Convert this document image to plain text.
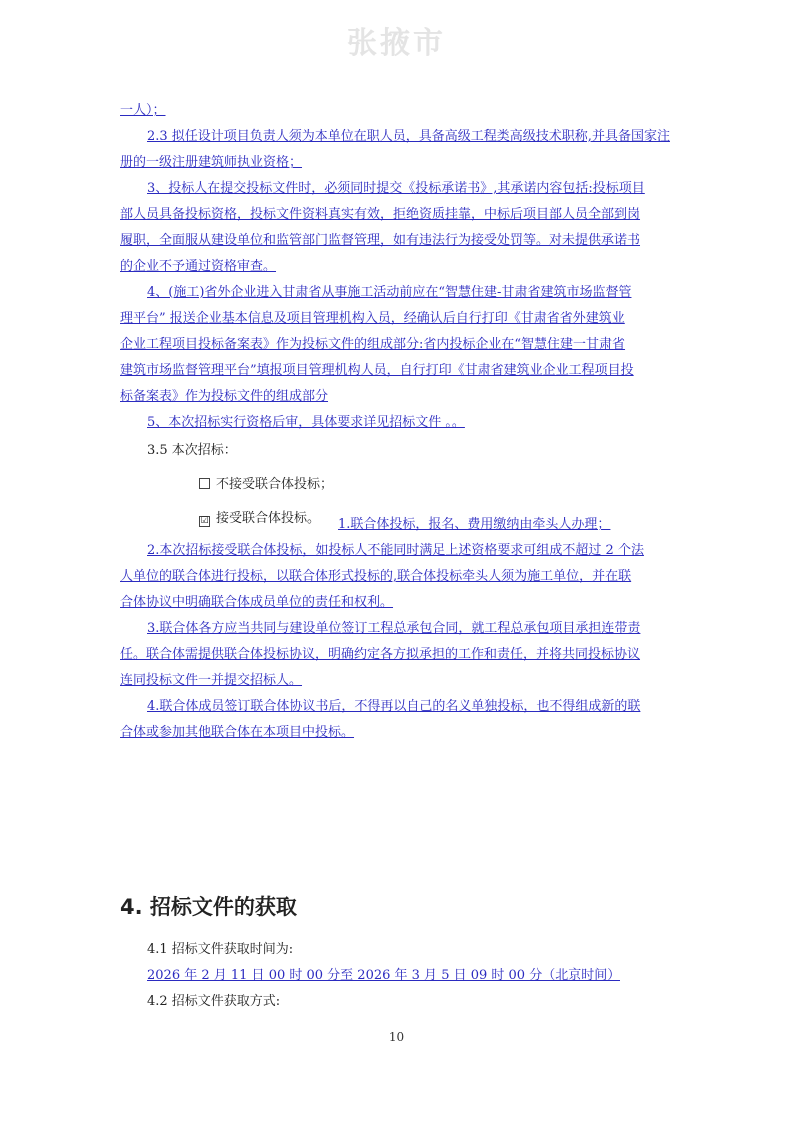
张掖市
一人）；
2.3 拟任设计项目负责人须为本单位在职人员，具备高级工程类高级技术职称,并具备国家注
册的一级注册建筑师执业资格；
3、投标人在提交投标文件时，必须同时提交《投标承诺书》,其承诺内容包括:投标项目
部人员具备投标资格，投标文件资料真实有效，拒绝资质挂靠，中标后项目部人员全部到岗
履职，全面服从建设单位和监管部门监督管理，如有违法行为接受处罚等。对未提供承诺书
的企业不予通过资格审查。
4、(施工)省外企业进入甘肃省从事施工活动前应在“智慧住建-甘肃省建筑市场监督管
理平台” 报送企业基本信息及项目管理机构入员，经确认后自行打印《甘肃省省外建筑业
企业工程项目投标备案表》作为投标文件的组成部分:省内投标企业在“智慧住建一甘肃省
建筑市场监督管理平台”填报项目管理机构人员，自行打印《甘肃省建筑业企业工程项目投
标备案表》作为投标文件的组成部分
5、本次招标实行资格后审，具体要求详见招标文件 。。
3.5 本次招标：
不接受联合体投标；
☑ 接受联合体投标。 1.联合体投标，报名、费用缴纳由牵头人办理；
2.本次招标接受联合体投标，如投标人不能同时满足上述资格要求可组成不超过 2 个法
人单位的联合体进行投标，以联合体形式投标的,联合体投标牵头人须为施工单位，并在联
合体协议中明确联合体成员单位的责任和权利。
3.联合体各方应当共同与建设单位签订工程总承包合同，就工程总承包项目承担连带责
任。联合体需提供联合体投标协议，明确约定各方拟承担的工作和责任，并将共同投标协议
连同投标文件一并提交招标人。
4.联合体成员签订联合体协议书后，不得再以自己的名义单独投标，也不得组成新的联
合体或参加其他联合体在本项目中投标。
4. 招标文件的获取
4.1 招标文件获取时间为:
2026 年 2 月 11 日 00 时 00 分至 2026 年 3 月 5 日 09 时 00 分（北京时间）
4.2 招标文件获取方式:
10
